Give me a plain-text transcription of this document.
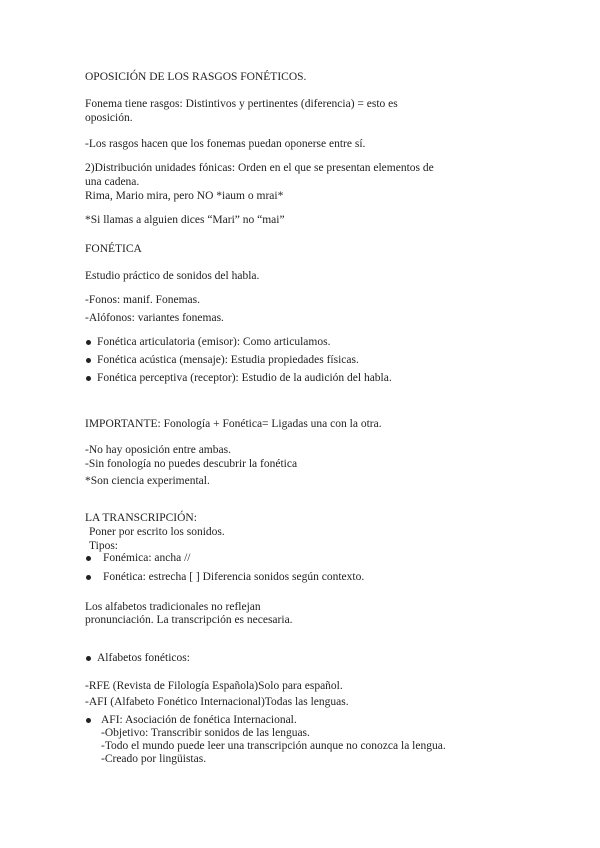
OPOSICIÓN DE LOS RASGOS FONÉTICOS.
Fonema tiene rasgos: Distintivos y pertinentes (diferencia) = esto es
oposición.
-Los rasgos hacen que los fonemas puedan oponerse entre sí.
2)Distribución unidades fónicas: Orden en el que se presentan elementos de
una cadena.
Rima, Mario mira, pero NO *iaum o mrai*
*Si llamas a alguien dices “Mari” no “mai”
FONÉTICA
Estudio práctico de sonidos del habla.
-Fonos: manif. Fonemas.
-Alófonos: variantes fonemas.
Fonética articulatoria (emisor): Como articulamos.
Fonética acústica (mensaje): Estudia propiedades físicas.
Fonética perceptiva (receptor): Estudio de la audición del habla.
IMPORTANTE: Fonología + Fonética= Ligadas una con la otra.
-No hay oposición entre ambas.
-Sin fonología no puedes descubrir la fonética
*Son ciencia experimental.
LA TRANSCRIPCIÓN:
Poner por escrito los sonidos.
Tipos:
Fonémica: ancha //
Fonética: estrecha [ ] Diferencia sonidos según contexto.
Los alfabetos tradicionales no reflejan
pronunciación. La transcripción es necesaria.
Alfabetos fonéticos:
-RFE (Revista de Filología Española)Solo para español.
-AFI (Alfabeto Fonético Internacional)Todas las lenguas.
AFI: Asociación de fonética Internacional.
-Objetivo: Transcribir sonidos de las lenguas.
-Todo el mundo puede leer una transcripción aunque no conozca la lengua.
-Creado por lingüistas.
